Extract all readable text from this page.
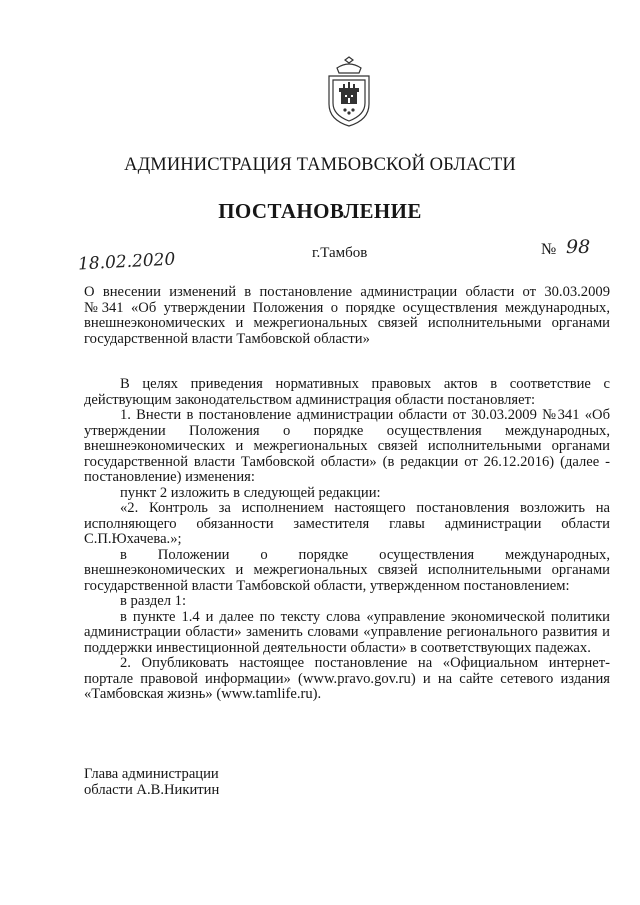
АДМИНИСТРАЦИЯ ТАМБОВСКОЙ ОБЛАСТИ
ПОСТАНОВЛЕНИЕ
18.02.2020	г.Тамбов	№ 98
О внесении изменений в постановление администрации области от 30.03.2009 №341 «Об утверждении Положения о порядке осуществления международных, внешнеэкономических и межрегиональных связей исполнительными органами государственной власти Тамбовской области»

В целях приведения нормативных правовых актов в соответствие с действующим законодательством администрация области постановляет:

1. Внести в постановление администрации области от 30.03.2009 №341 «Об утверждении Положения о порядке осуществления международных, внешнеэкономических и межрегиональных связей исполнительными органами государственной власти Тамбовской области» (в редакции от 26.12.2016) (далее - постановление) изменения:

пункт 2 изложить в следующей редакции:

«2. Контроль за исполнением настоящего постановления возложить на исполняющего обязанности заместителя главы администрации области С.П.Юхачева.»;

в Положении о порядке осуществления международных, внешнеэкономических и межрегиональных связей исполнительными органами государственной власти Тамбовской области, утвержденном постановлением:

в раздел 1:

в пункте 1.4 и далее по тексту слова «управление экономической политики администрации области» заменить словами «управление регионального развития и поддержки инвестиционной деятельности области» в соответствующих падежах.

2. Опубликовать настоящее постановление на «Официальном интернет-портале правовой информации» (www.pravo.gov.ru) и на сайте сетевого издания «Тамбовская жизнь» (www.tamlife.ru).

Глава администрации
области А.В.Никитин
